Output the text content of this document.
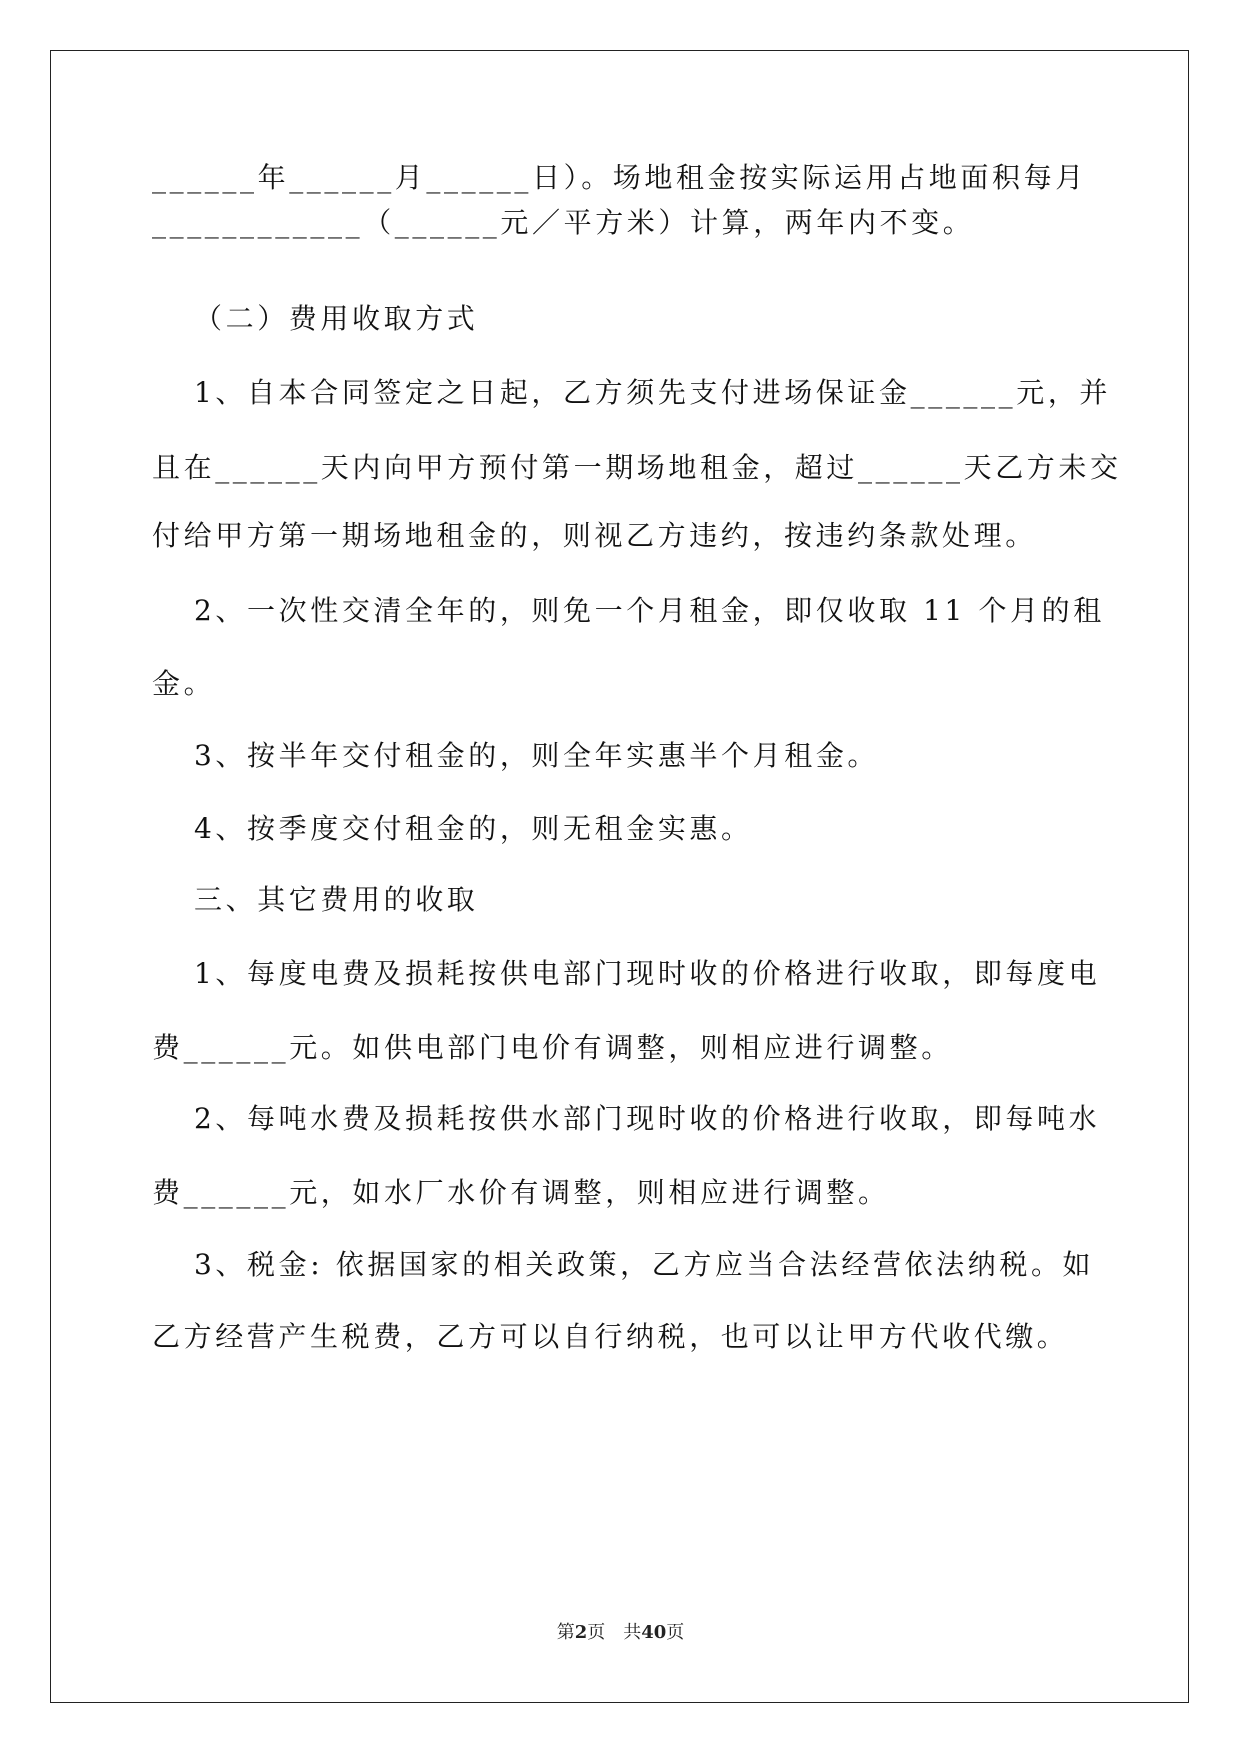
______年______月______日）。场地租金按实际运用占地面积每月
____________（______元／平方米）计算，两年内不变。
（二）费用收取方式
1、自本合同签定之日起，乙方须先支付进场保证金______元，并
且在______天内向甲方预付第一期场地租金，超过______天乙方未交
付给甲方第一期场地租金的，则视乙方违约，按违约条款处理。
2、一次性交清全年的，则免一个月租金，即仅收取 11 个月的租
金。
3、按半年交付租金的，则全年实惠半个月租金。
4、按季度交付租金的，则无租金实惠。
三、其它费用的收取
1、每度电费及损耗按供电部门现时收的价格进行收取，即每度电
费______元。如供电部门电价有调整，则相应进行调整。
2、每吨水费及损耗按供水部门现时收的价格进行收取，即每吨水
费______元，如水厂水价有调整，则相应进行调整。
3、税金: 依据国家的相关政策，乙方应当合法经营依法纳税。如
乙方经营产生税费，乙方可以自行纳税，也可以让甲方代收代缴。
第2页　共40页
